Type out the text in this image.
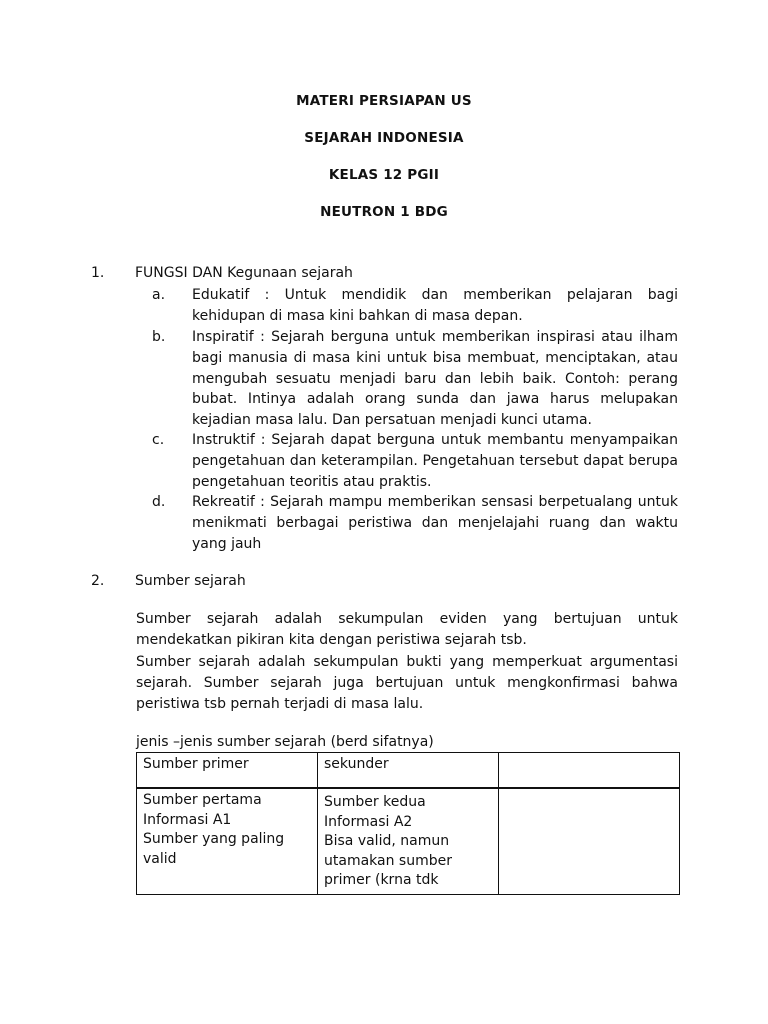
MATERI PERSIAPAN US
SEJARAH INDONESIA
KELAS 12 PGII
NEUTRON 1 BDG
1. FUNGSI DAN Kegunaan sejarah
a. Edukatif : Untuk mendidik dan memberikan pelajaran bagi kehidupan di masa kini bahkan di masa depan.
b. Inspiratif : Sejarah berguna untuk memberikan inspirasi atau ilham bagi manusia di masa kini untuk bisa membuat, menciptakan, atau mengubah sesuatu menjadi baru dan lebih baik. Contoh: perang bubat. Intinya adalah orang sunda dan jawa harus melupakan kejadian masa lalu. Dan persatuan menjadi kunci utama.
c. Instruktif : Sejarah dapat berguna untuk membantu menyampaikan pengetahuan dan keterampilan. Pengetahuan tersebut dapat berupa pengetahuan teoritis atau praktis.
d. Rekreatif : Sejarah mampu memberikan sensasi berpetualang untuk menikmati berbagai peristiwa dan menjelajahi ruang dan waktu yang jauh
2. Sumber sejarah
Sumber sejarah adalah sekumpulan eviden yang bertujuan untuk mendekatkan pikiran kita dengan peristiwa sejarah tsb.
Sumber sejarah adalah sekumpulan bukti yang memperkuat argumentasi sejarah. Sumber sejarah juga bertujuan untuk mengkonfirmasi bahwa peristiwa tsb pernah terjadi di masa lalu.
jenis –jenis sumber sejarah (berd sifatnya)
Sumber primer	sekunder	

Sumber pertama
Informasi A1
Sumber yang paling
valid	Sumber kedua
Informasi A2
Bisa valid, namun
utamakan sumber
primer (krna tdk	
